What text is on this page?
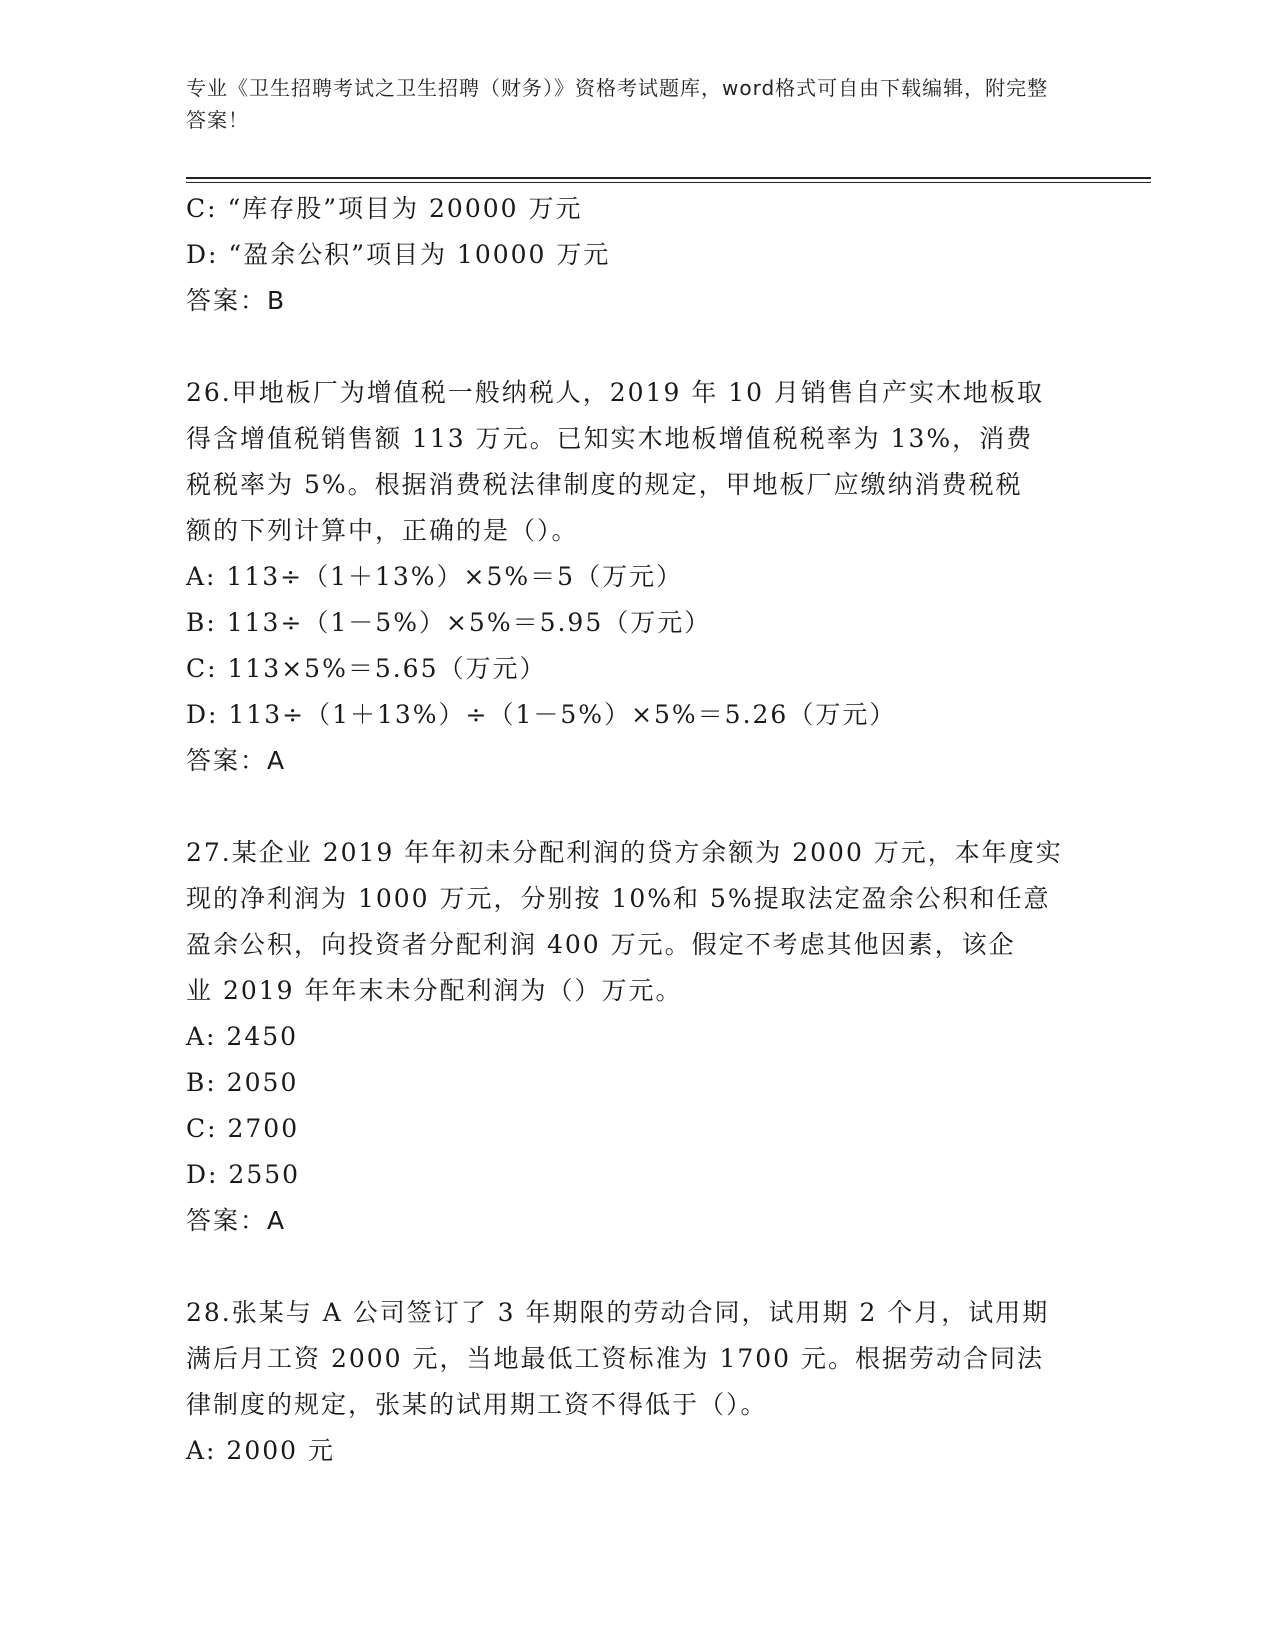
专业《卫生招聘考试之卫生招聘（财务）》资格考试题库，word格式可自由下载编辑，附完整答案！
C: “库存股”项目为 20000 万元
D: “盈余公积”项目为 10000 万元
答案：B
26.甲地板厂为增值税一般纳税人，2019 年 10 月销售自产实木地板取
得含增值税销售额 113 万元。已知实木地板增值税税率为 13%，消费
税税率为 5%。根据消费税法律制度的规定，甲地板厂应缴纳消费税税
额的下列计算中，正确的是（）。
A: 113÷（1＋13%）×5%＝5（万元）
B: 113÷（1－5%）×5%＝5.95（万元）
C: 113×5%＝5.65（万元）
D: 113÷（1＋13%）÷（1－5%）×5%＝5.26（万元）
答案：A
27.某企业 2019 年年初未分配利润的贷方余额为 2000 万元，本年度实
现的净利润为 1000 万元，分别按 10%和 5%提取法定盈余公积和任意
盈余公积，向投资者分配利润 400 万元。假定不考虑其他因素，该企
业 2019 年年末未分配利润为（）万元。
A: 2450
B: 2050
C: 2700
D: 2550
答案：A
28.张某与 A 公司签订了 3 年期限的劳动合同，试用期 2 个月，试用期
满后月工资 2000 元，当地最低工资标准为 1700 元。根据劳动合同法
律制度的规定，张某的试用期工资不得低于（）。
A: 2000 元
